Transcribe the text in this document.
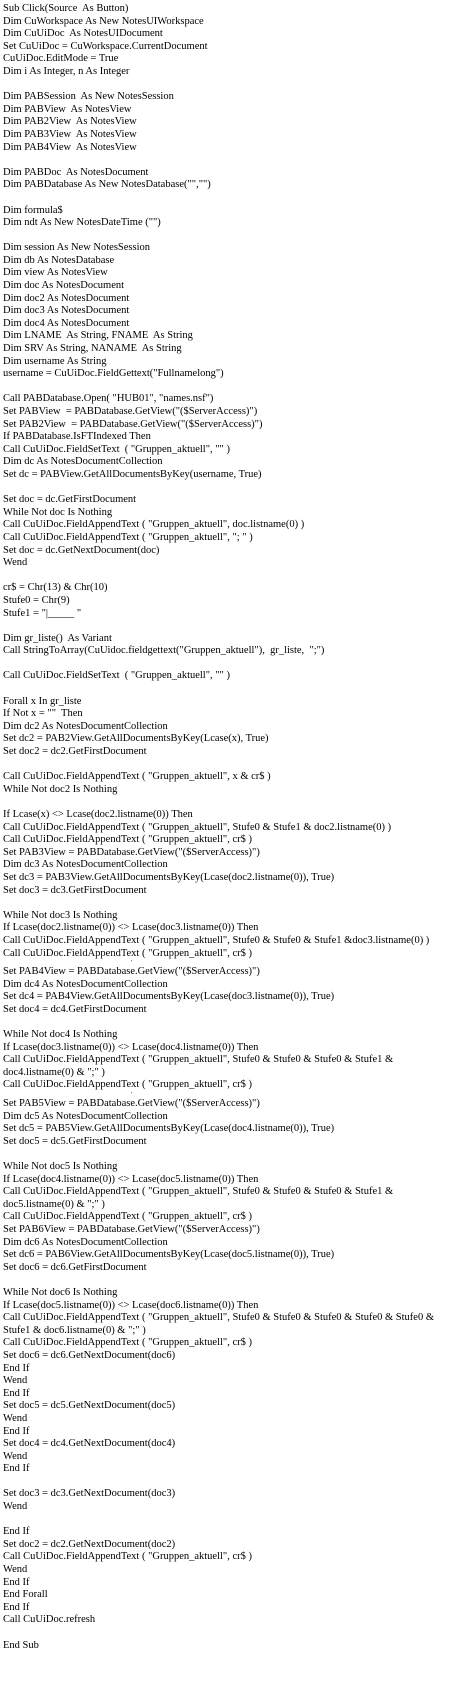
Sub Click(Source  As Button)
Dim CuWorkspace As New NotesUIWorkspace
Dim CuUiDoc  As NotesUIDocument
Set CuUiDoc = CuWorkspace.CurrentDocument
CuUiDoc.EditMode = True
Dim i As Integer, n As Integer
Dim PABSession  As New NotesSession
Dim PABView  As NotesView
Dim PAB2View  As NotesView
Dim PAB3View  As NotesView
Dim PAB4View  As NotesView
Dim PABDoc  As NotesDocument
Dim PABDatabase As New NotesDatabase("","")
Dim formula$
Dim ndt As New NotesDateTime ("")
Dim session As New NotesSession
Dim db As NotesDatabase
Dim view As NotesView
Dim doc As NotesDocument
Dim doc2 As NotesDocument
Dim doc3 As NotesDocument
Dim doc4 As NotesDocument
Dim LNAME  As String, FNAME  As String
Dim SRV As String, NANAME  As String
Dim username As String
username = CuUiDoc.FieldGettext("Fullnamelong")
Call PABDatabase.Open( "HUB01", "names.nsf")
Set PABView  = PABDatabase.GetView("($ServerAccess)")
Set PAB2View  = PABDatabase.GetView("($ServerAccess)")
If PABDatabase.IsFTIndexed Then
Call CuUiDoc.FieldSetText  ( "Gruppen_aktuell", "" )
Dim dc As NotesDocumentCollection
Set dc = PABView.GetAllDocumentsByKey(username, True)
Set doc = dc.GetFirstDocument
While Not doc Is Nothing
Call CuUiDoc.FieldAppendText ( "Gruppen_aktuell", doc.listname(0) )
Call CuUiDoc.FieldAppendText ( "Gruppen_aktuell", "; " )
Set doc = dc.GetNextDocument(doc)
Wend
cr$ = Chr(13) & Chr(10)
Stufe0 = Chr(9)
Stufe1 = "|_____ "
Dim gr_liste()  As Variant
Call StringToArray(CuUidoc.fieldgettext("Gruppen_aktuell"),  gr_liste,  ";")
Call CuUiDoc.FieldSetText  ( "Gruppen_aktuell", "" )
Forall x In gr_liste
If Not x = ""  Then
Dim dc2 As NotesDocumentCollection
Set dc2 = PAB2View.GetAllDocumentsByKey(Lcase(x), True)
Set doc2 = dc2.GetFirstDocument
Call CuUiDoc.FieldAppendText ( "Gruppen_aktuell", x & cr$ )
While Not doc2 Is Nothing
If Lcase(x) <> Lcase(doc2.listname(0)) Then
Call CuUiDoc.FieldAppendText ( "Gruppen_aktuell", Stufe0 & Stufe1 & doc2.listname(0) )
Call CuUiDoc.FieldAppendText ( "Gruppen_aktuell", cr$ )
Set PAB3View = PABDatabase.GetView("($ServerAccess)")
Dim dc3 As NotesDocumentCollection
Set dc3 = PAB3View.GetAllDocumentsByKey(Lcase(doc2.listname(0)), True)
Set doc3 = dc3.GetFirstDocument
While Not doc3 Is Nothing
If Lcase(doc2.listname(0)) <> Lcase(doc3.listname(0)) Then
Call CuUiDoc.FieldAppendText ( "Gruppen_aktuell", Stufe0 & Stufe0 & Stufe1 &doc3.listname(0) )
Call CuUiDoc.FieldAppendText ( "Gruppen_aktuell", cr$ )
'
Set PAB4View = PABDatabase.GetView("($ServerAccess)")
Dim dc4 As NotesDocumentCollection
Set dc4 = PAB4View.GetAllDocumentsByKey(Lcase(doc3.listname(0)), True)
Set doc4 = dc4.GetFirstDocument
While Not doc4 Is Nothing
If Lcase(doc3.listname(0)) <> Lcase(doc4.listname(0)) Then
Call CuUiDoc.FieldAppendText ( "Gruppen_aktuell", Stufe0 & Stufe0 & Stufe0 & Stufe1 &
doc4.listname(0) & ";" )
Call CuUiDoc.FieldAppendText ( "Gruppen_aktuell", cr$ )
'
Set PAB5View = PABDatabase.GetView("($ServerAccess)")
Dim dc5 As NotesDocumentCollection
Set dc5 = PAB5View.GetAllDocumentsByKey(Lcase(doc4.listname(0)), True)
Set doc5 = dc5.GetFirstDocument
While Not doc5 Is Nothing
If Lcase(doc4.listname(0)) <> Lcase(doc5.listname(0)) Then
Call CuUiDoc.FieldAppendText ( "Gruppen_aktuell", Stufe0 & Stufe0 & Stufe0 & Stufe1 &
doc5.listname(0) & ";" )
Call CuUiDoc.FieldAppendText ( "Gruppen_aktuell", cr$ )
Set PAB6View = PABDatabase.GetView("($ServerAccess)")
Dim dc6 As NotesDocumentCollection
Set dc6 = PAB6View.GetAllDocumentsByKey(Lcase(doc5.listname(0)), True)
Set doc6 = dc6.GetFirstDocument
While Not doc6 Is Nothing
If Lcase(doc5.listname(0)) <> Lcase(doc6.listname(0)) Then
Call CuUiDoc.FieldAppendText ( "Gruppen_aktuell", Stufe0 & Stufe0 & Stufe0 & Stufe0 & Stufe0 &
Stufe1 & doc6.listname(0) & ";" )
Call CuUiDoc.FieldAppendText ( "Gruppen_aktuell", cr$ )
Set doc6 = dc6.GetNextDocument(doc6)
End If
Wend
End If
Set doc5 = dc5.GetNextDocument(doc5)
Wend
End If
Set doc4 = dc4.GetNextDocument(doc4)
Wend
End If
Set doc3 = dc3.GetNextDocument(doc3)
Wend
End If
Set doc2 = dc2.GetNextDocument(doc2)
Call CuUiDoc.FieldAppendText ( "Gruppen_aktuell", cr$ )
Wend
End If
End Forall
End If
Call CuUiDoc.refresh
End Sub
